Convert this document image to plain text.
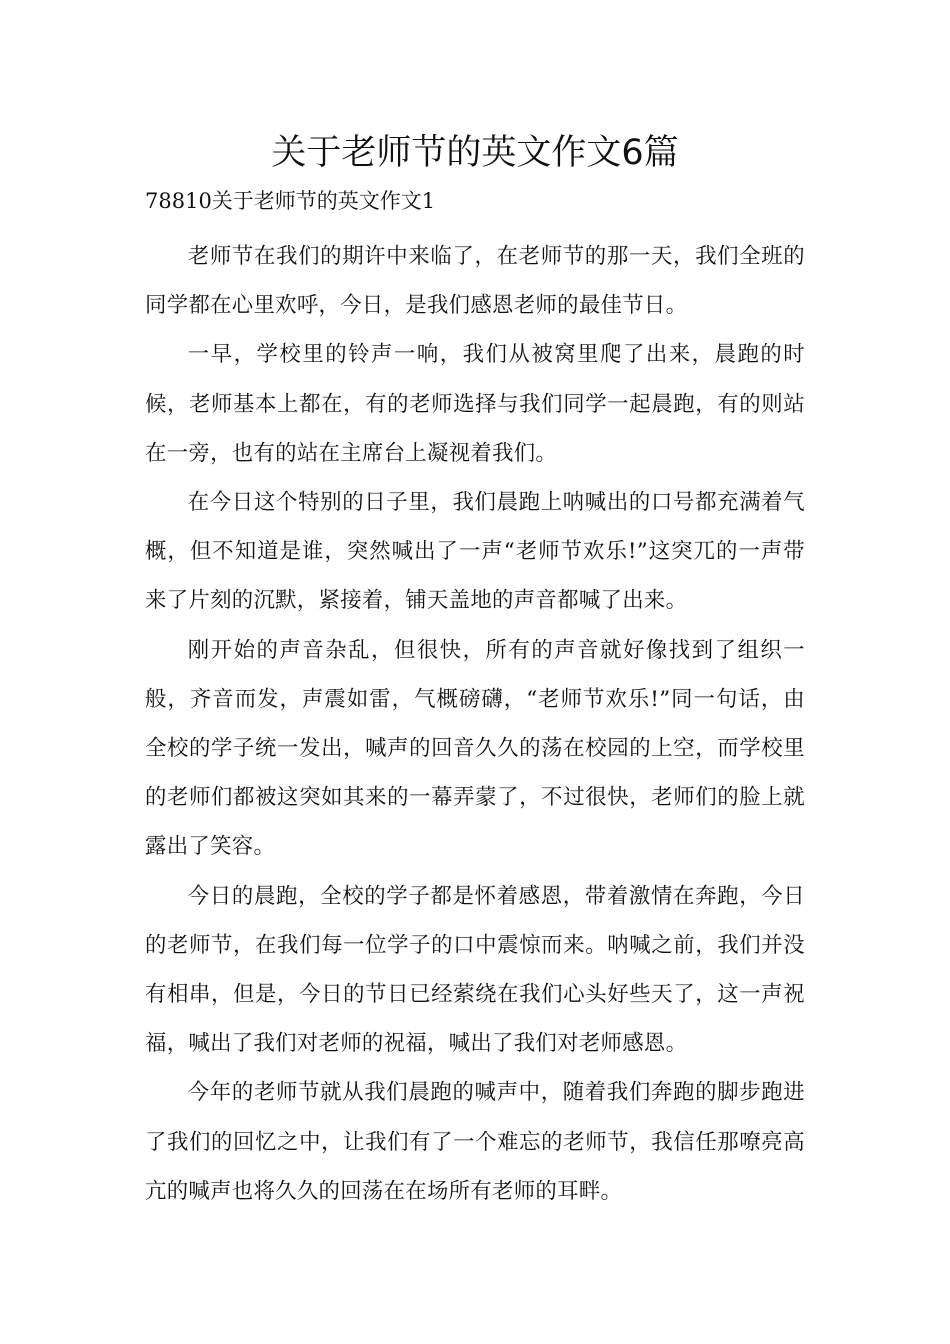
关于老师节的英文作文6篇
78810关于老师节的英文作文1

老师节在我们的期许中来临了，在老师节的那一天，我们全班的同学都在心里欢呼，今日，是我们感恩老师的最佳节日。

一早，学校里的铃声一响，我们从被窝里爬了出来，晨跑的时候，老师基本上都在，有的老师选择与我们同学一起晨跑，有的则站在一旁，也有的站在主席台上凝视着我们。

在今日这个特别的日子里，我们晨跑上呐喊出的口号都充满着气概，但不知道是谁，突然喊出了一声“老师节欢乐!”这突兀的一声带来了片刻的沉默，紧接着，铺天盖地的声音都喊了出来。

刚开始的声音杂乱，但很快，所有的声音就好像找到了组织一般，齐音而发，声震如雷，气概磅礴，“老师节欢乐!”同一句话，由全校的学子统一发出，喊声的回音久久的荡在校园的上空，而学校里的老师们都被这突如其来的一幕弄蒙了，不过很快，老师们的脸上就露出了笑容。

今日的晨跑，全校的学子都是怀着感恩，带着激情在奔跑，今日的老师节，在我们每一位学子的口中震惊而来。呐喊之前，我们并没有相串，但是，今日的节日已经萦绕在我们心头好些天了，这一声祝福，喊出了我们对老师的祝福，喊出了我们对老师感恩。

今年的老师节就从我们晨跑的喊声中，随着我们奔跑的脚步跑进了我们的回忆之中，让我们有了一个难忘的老师节，我信任那嘹亮高亢的喊声也将久久的回荡在在场所有老师的耳畔。
